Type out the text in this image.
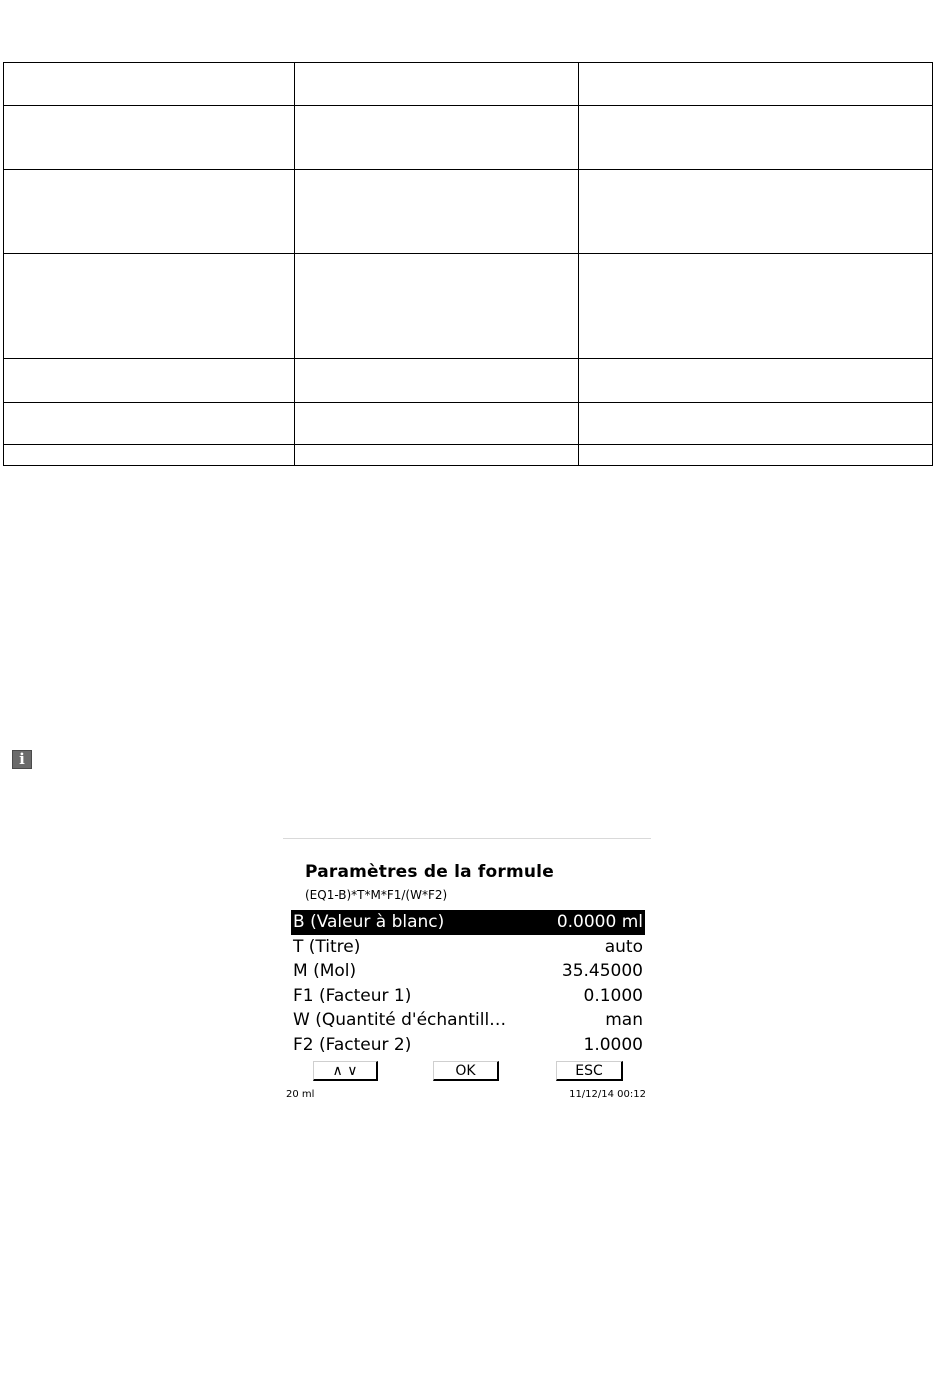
i
Paramètres de la formule
(EQ1-B)*T*M*F1/(W*F2)
B (Valeur à blanc)	0.0000 ml
T (Titre)	auto
M (Mol)	35.45000
F1 (Facteur 1)	0.1000
W (Quantité d'échantill…	man
F2 (Facteur 2)	1.0000
∧ ∨	OK	ESC
20 ml	11/12/14 00:12
